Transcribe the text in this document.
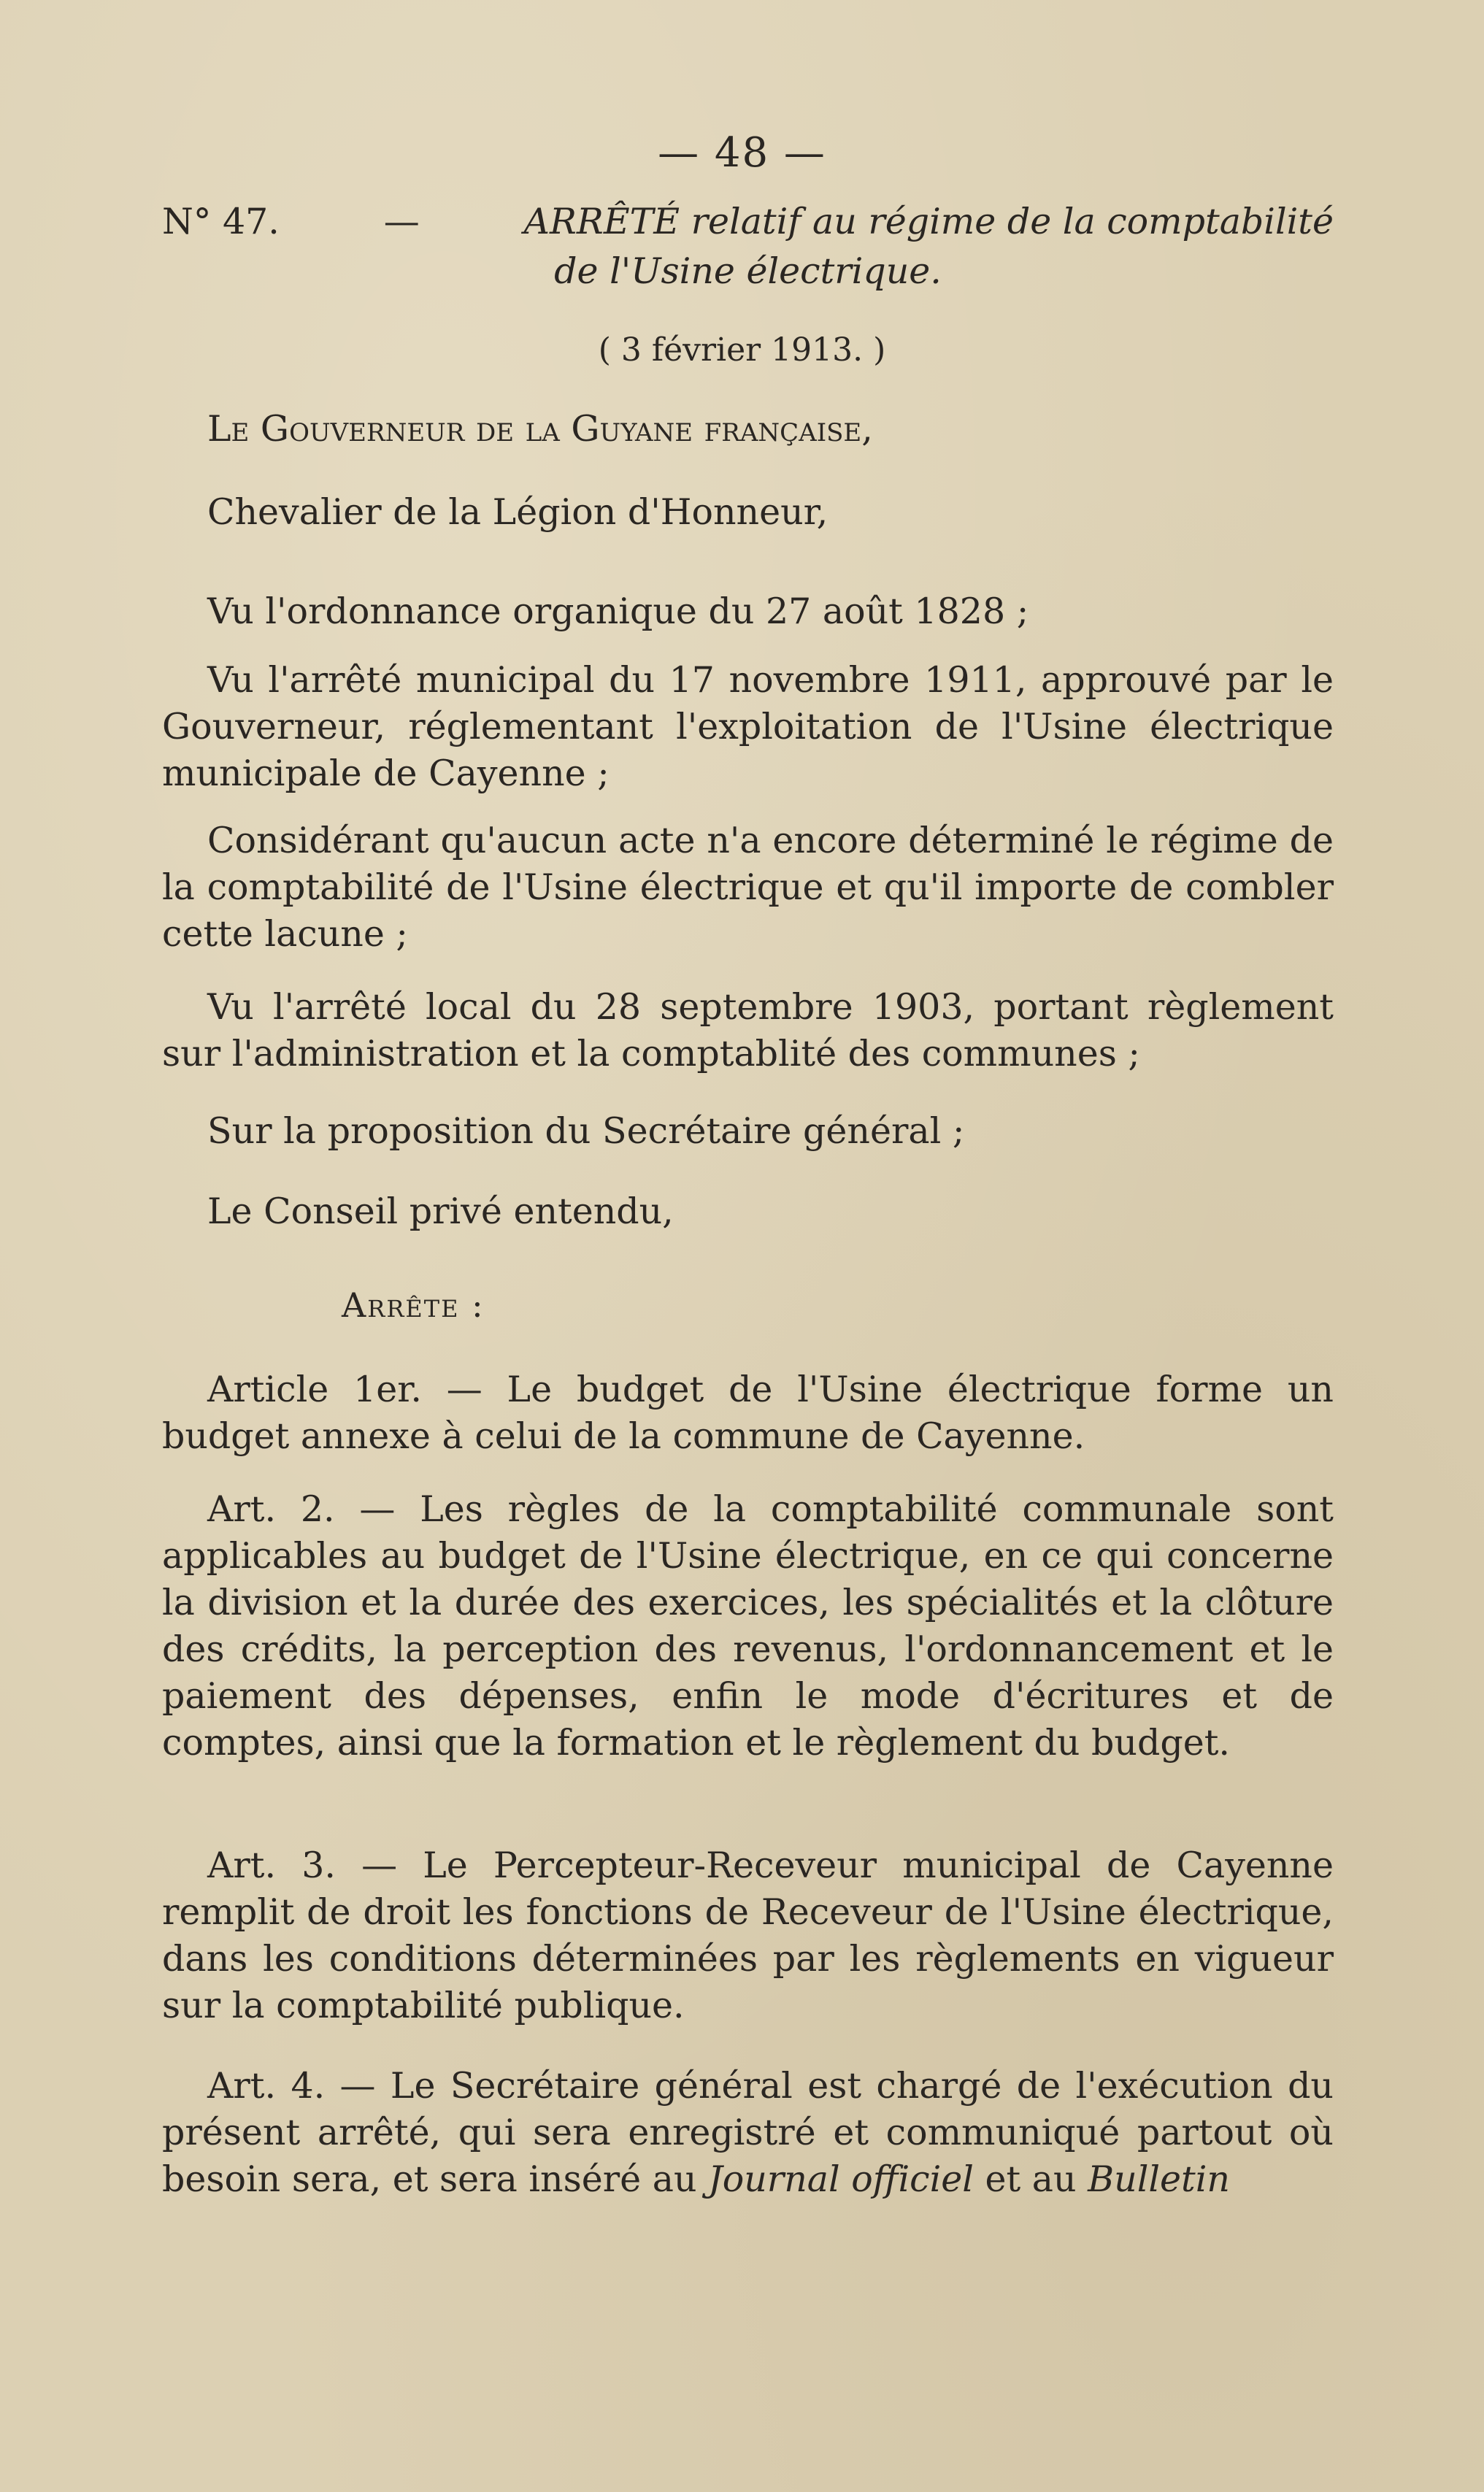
— 48 —
N° 47.	—	ARRÊTÉ relatif au régime de la comptabilité
de l'Usine électrique.
( 3 février 1913. )

Le Gouverneur de la Guyane française,

Chevalier de la Légion d'Honneur,

Vu l'ordonnance organique du 27 août 1828 ;

Vu l'arrêté municipal du 17 novembre 1911, approuvé par le Gouverneur, réglementant l'exploitation de l'Usine électrique municipale de Cayenne ;

Considérant qu'aucun acte n'a encore déterminé le régime de la comptabilité de l'Usine électrique et qu'il importe de combler cette lacune ;

Vu l'arrêté local du 28 septembre 1903, portant règlement sur l'administration et la comptablité des communes ;

Sur la proposition du Secrétaire général ;

Le Conseil privé entendu,

Arrête :

Article 1er. — Le budget de l'Usine électrique forme un budget annexe à celui de la commune de Cayenne.

Art. 2. — Les règles de la comptabilité communale sont applicables au budget de l'Usine électrique, en ce qui concerne la division et la durée des exercices, les spécialités et la clôture des crédits, la perception des revenus, l'ordonnancement et le paiement des dépenses, enfin le mode d'écritures et de comptes, ainsi que la formation et le règlement du budget.

Art. 3. — Le Percepteur-Receveur municipal de Cayenne remplit de droit les fonctions de Receveur de l'Usine électrique, dans les conditions déterminées par les règlements en vigueur sur la comptabilité publique.

Art. 4. — Le Secrétaire général est chargé de l'exécution du présent arrêté, qui sera enregistré et communiqué partout où besoin sera, et sera inséré au Journal officiel et au Bulletin
